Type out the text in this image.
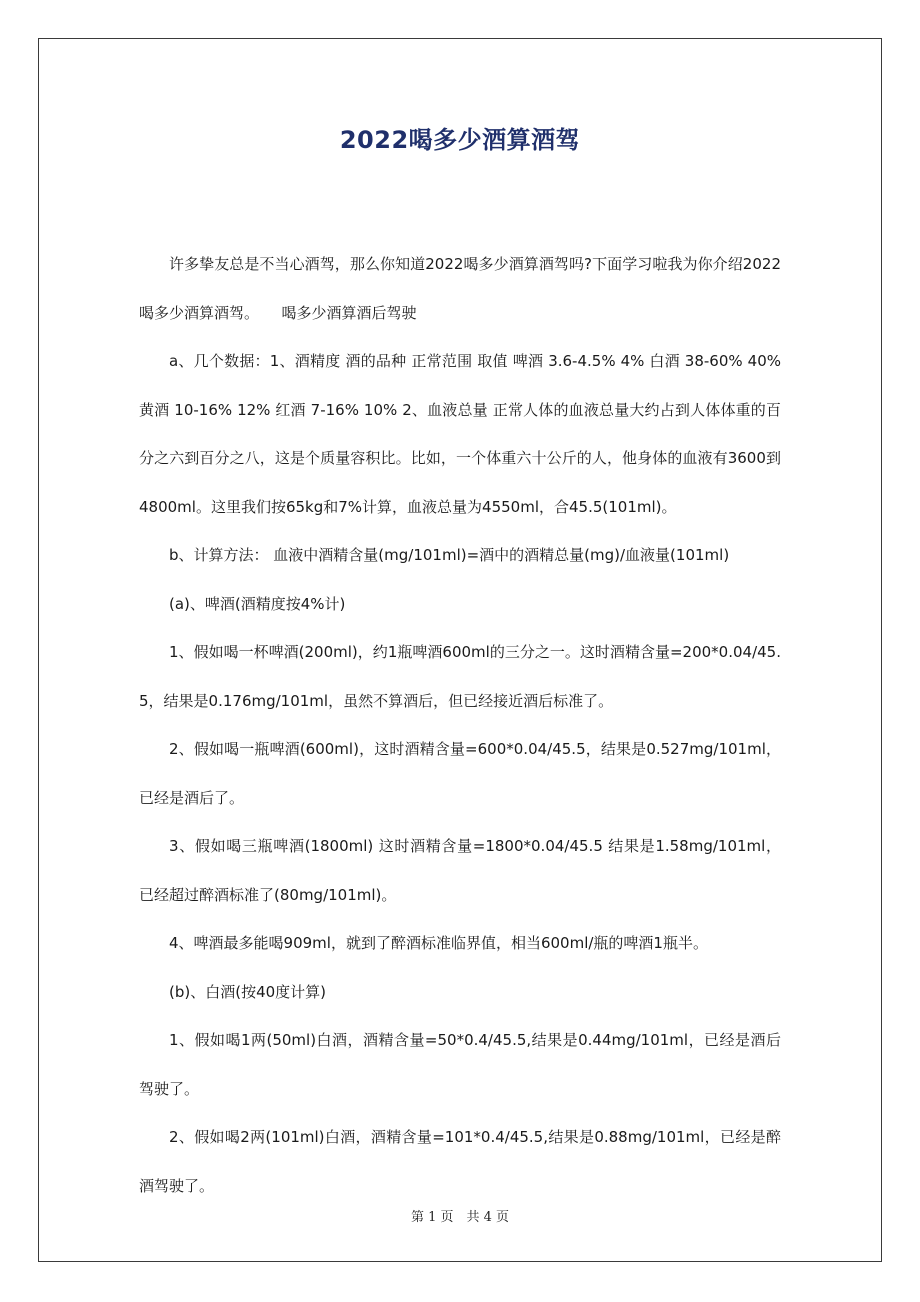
2022喝多少酒算酒驾

许多挚友总是不当心酒驾，那么你知道2022喝多少酒算酒驾吗?下面学习啦我为你介绍2022喝多少酒算酒驾。　　喝多少酒算酒后驾驶

a、几个数据：1、酒精度 酒的品种 正常范围 取值 啤酒 3.6-4.5% 4% 白酒 38-60% 40% 黄酒 10-16% 12% 红酒 7-16% 10% 2、血液总量 正常人体的血液总量大约占到人体体重的百分之六到百分之八，这是个质量容积比。比如，一个体重六十公斤的人，他身体的血液有3600到4800ml。这里我们按65kg和7%计算，血液总量为4550ml，合45.5(101ml)。

b、计算方法： 血液中酒精含量(mg/101ml)=酒中的酒精总量(mg)/血液量(101ml)

(a)、啤酒(酒精度按4%计)

1、假如喝一杯啤酒(200ml)，约1瓶啤酒600ml的三分之一。这时酒精含量=200*0.04/45.5，结果是0.176mg/101ml，虽然不算酒后，但已经接近酒后标准了。

2、假如喝一瓶啤酒(600ml)，这时酒精含量=600*0.04/45.5，结果是0.527mg/101ml，已经是酒后了。

3、假如喝三瓶啤酒(1800ml) 这时酒精含量=1800*0.04/45.5 结果是1.58mg/101ml，已经超过醉酒标准了(80mg/101ml)。

4、啤酒最多能喝909ml，就到了醉酒标准临界值，相当600ml/瓶的啤酒1瓶半。

(b)、白酒(按40度计算)

1、假如喝1两(50ml)白酒，酒精含量=50*0.4/45.5,结果是0.44mg/101ml，已经是酒后驾驶了。

2、假如喝2两(101ml)白酒，酒精含量=101*0.4/45.5,结果是0.88mg/101ml，已经是醉酒驾驶了。

第 1 页　共 4 页
